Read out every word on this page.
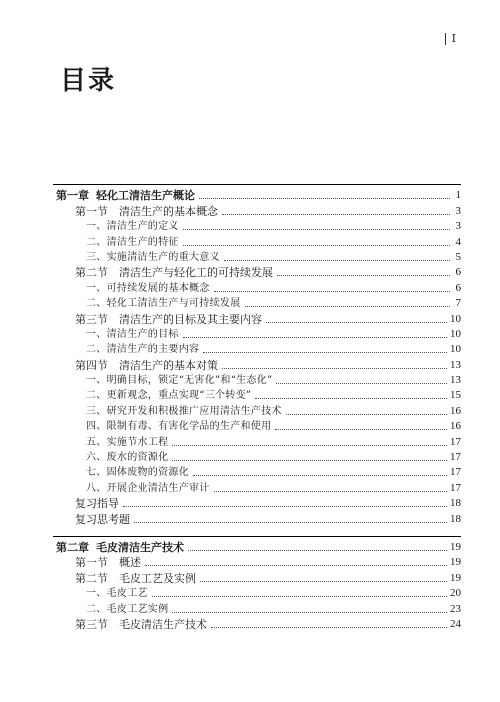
I
目录
第一章 轻化工清洁生产概论	1
第一节 清洁生产的基本概念	3
一、清洁生产的定义	3
二、清洁生产的特征	4
三、实施清洁生产的重大意义	5
第二节 清洁生产与轻化工的可持续发展	6
一、可持续发展的基本概念	6
二、轻化工清洁生产与可持续发展	7
第三节 清洁生产的目标及其主要内容	10
一、清洁生产的目标	10
二、清洁生产的主要内容	10
第四节 清洁生产的基本对策	13
一、明确目标，锁定“无害化”和“生态化”	13
二、更新观念，重点实现“三个转变”	15
三、研究开发和积极推广应用清洁生产技术	16
四、限制有毒、有害化学品的生产和使用	16
五、实施节水工程	17
六、废水的资源化	17
七、固体废物的资源化	17
八、开展企业清洁生产审计	17
复习指导	18
复习思考题	18
第二章 毛皮清洁生产技术	19
第一节 概述	19
第二节 毛皮工艺及实例	19
一、毛皮工艺	20
二、毛皮工艺实例	23
第三节 毛皮清洁生产技术	24
